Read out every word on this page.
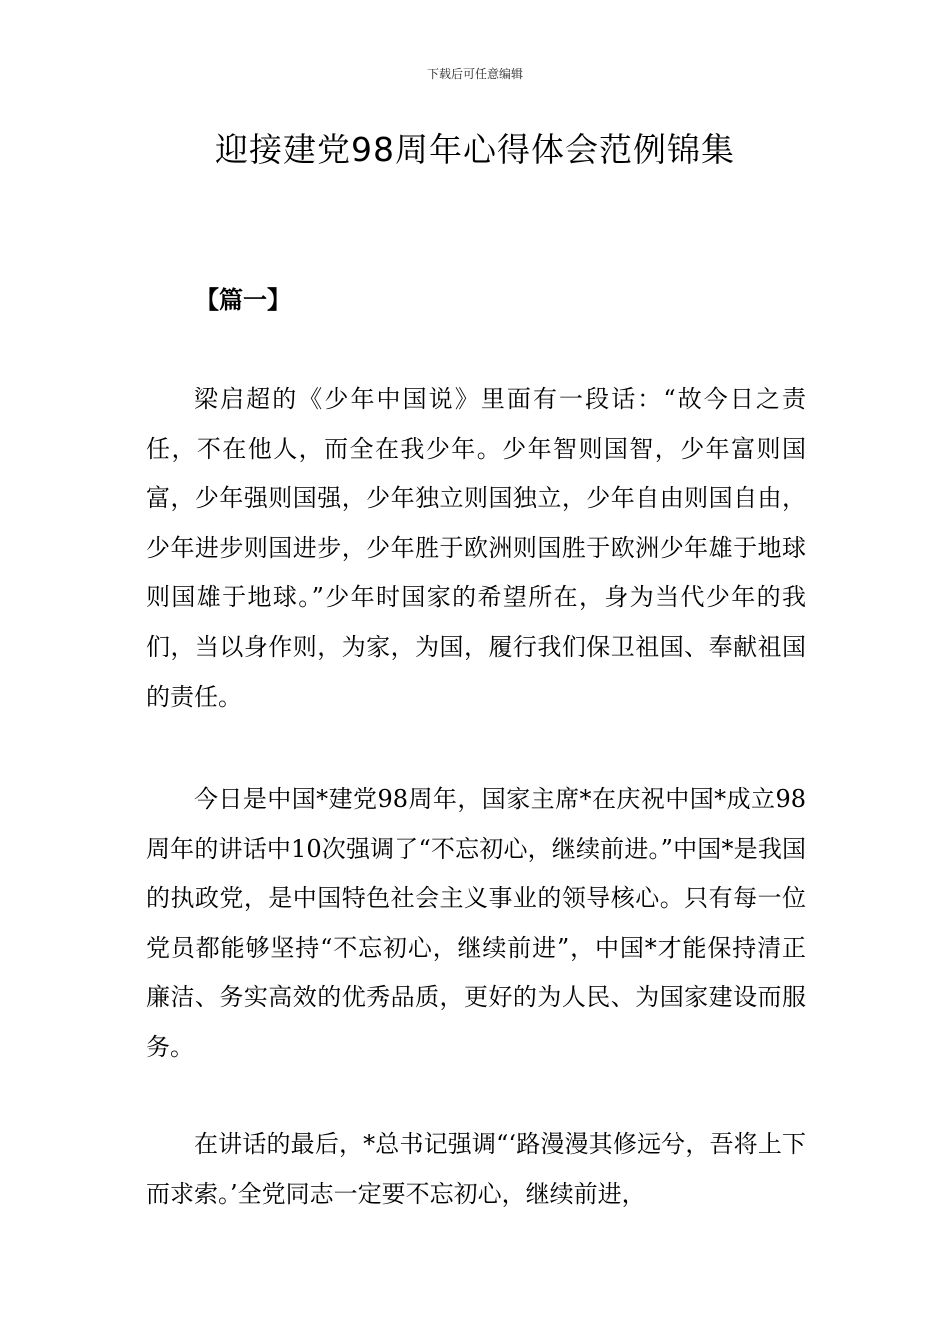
下载后可任意编辑
迎接建党98周年心得体会范例锦集
【篇一】

梁启超的《少年中国说》里面有一段话：“故今日之责任，不在他人，而全在我少年。少年智则国智，少年富则国富，少年强则国强，少年独立则国独立，少年自由则国自由，少年进步则国进步，少年胜于欧洲则国胜于欧洲少年雄于地球则国雄于地球。”少年时国家的希望所在，身为当代少年的我们，当以身作则，为家，为国，履行我们保卫祖国、奉献祖国的责任。

今日是中国*建党98周年，国家主席*在庆祝中国*成立98周年的讲话中10次强调了“不忘初心，继续前进。”中国*是我国的执政党，是中国特色社会主义事业的领导核心。只有每一位党员都能够坚持“不忘初心，继续前进”，中国*才能保持清正廉洁、务实高效的优秀品质，更好的为人民、为国家建设而服务。

在讲话的最后，*总书记强调“‘路漫漫其修远兮，吾将上下而求索。’全党同志一定要不忘初心，继续前进，
